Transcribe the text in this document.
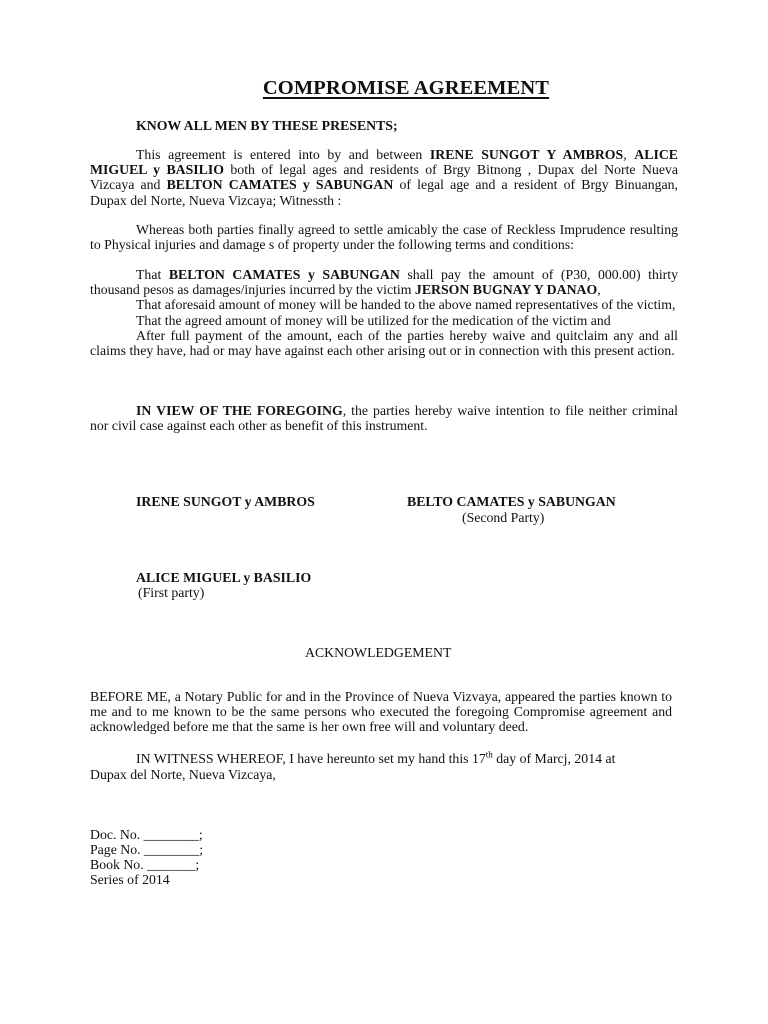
COMPROMISE AGREEMENT
KNOW ALL MEN BY THESE PRESENTS;

This agreement is entered into by and between IRENE SUNGOT Y AMBROS, ALICE MIGUEL y BASILIO both of legal ages and residents of Brgy Bitnong , Dupax del Norte Nueva Vizcaya and BELTON CAMATES y SABUNGAN of legal age and a resident of Brgy Binuangan, Dupax del Norte, Nueva Vizcaya; Witnessth :

Whereas both parties finally agreed to settle amicably the case of Reckless Imprudence resulting to Physical injuries and damage s of property under the following terms and conditions:

That BELTON CAMATES y SABUNGAN shall pay the amount of (P30, 000.00) thirty thousand pesos as damages/injuries incurred by the victim JERSON BUGNAY Y DANAO,

That aforesaid amount of money will be handed to the above named representatives of the victim,

That the agreed amount of money will be utilized for the medication of the victim and

After full payment of the amount, each of the parties hereby waive and quitclaim any and all claims they have, had or may have against each other arising out or in connection with this present action.

IN VIEW OF THE FOREGOING, the parties hereby waive intention to file neither criminal nor civil case against each other as benefit of this instrument.

IRENE SUNGOT y AMBROS	BELTO CAMATES y SABUNGAN
(Second Party)
ALICE MIGUEL y BASILIO
(First party)
ACKNOWLEDGEMENT

BEFORE ME, a Notary Public for and in the Province of Nueva Vizvaya, appeared the parties known to me and to me known to be the same persons who executed the foregoing Compromise agreement and acknowledged before me that the same is her own free will and voluntary deed.

IN WITNESS WHEREOF, I have hereunto set my hand this 17th day of Marcj, 2014 at
Dupax del Norte, Nueva Vizcaya,
Doc. No. ________;
Page No. ________;
Book No. _______;
Series of 2014
